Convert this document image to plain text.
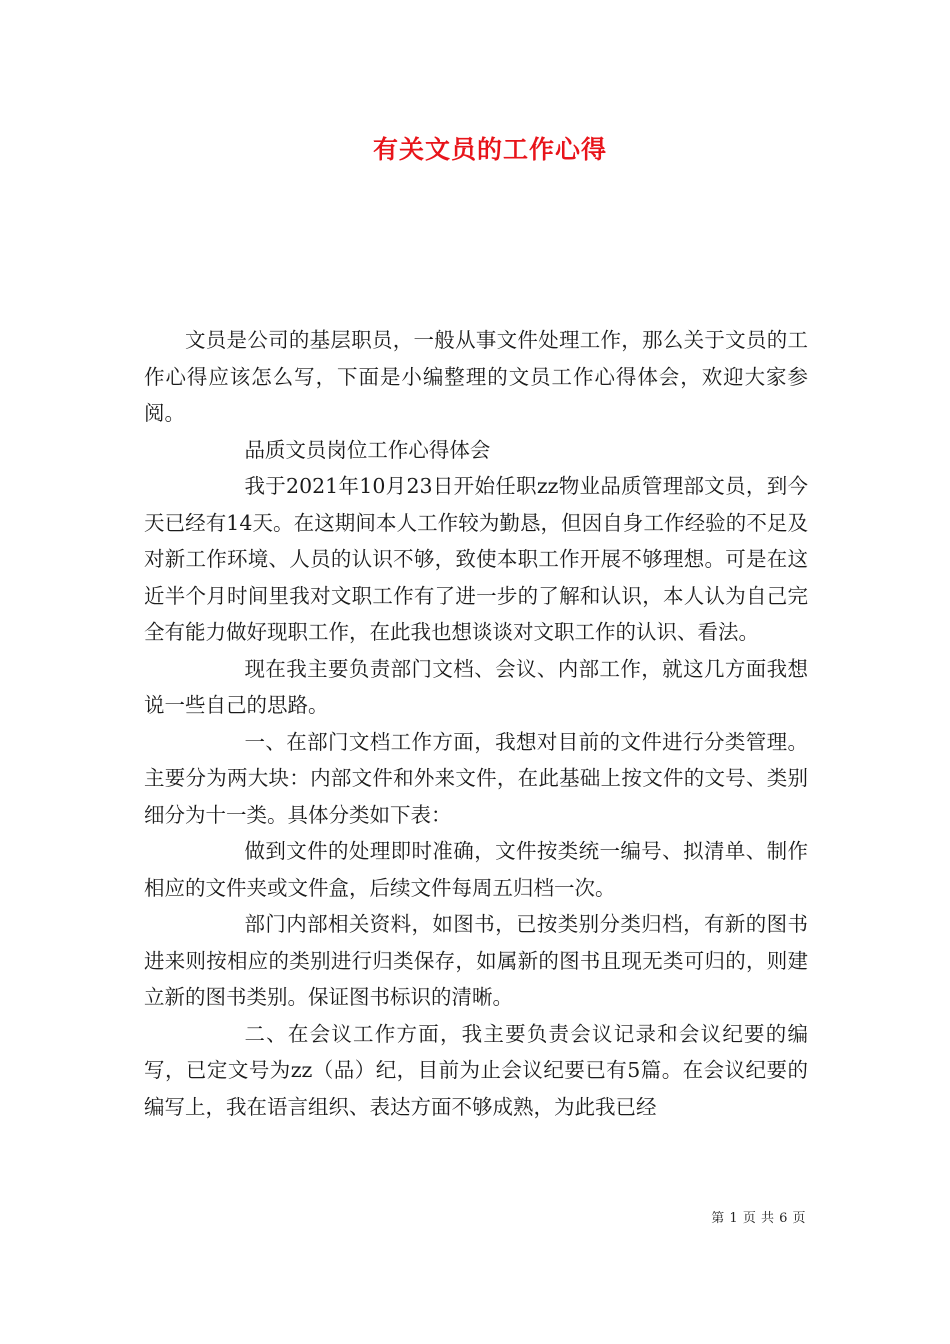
有关文员的工作心得

文员是公司的基层职员，一般从事文件处理工作，那么关于文员的工作心得应该怎么写，下面是小编整理的文员工作心得体会，欢迎大家参阅。

品质文员岗位工作心得体会

我于2021年10月23日开始任职zz物业品质管理部文员，到今天已经有14天。在这期间本人工作较为勤恳，但因自身工作经验的不足及对新工作环境、人员的认识不够，致使本职工作开展不够理想。可是在这近半个月时间里我对文职工作有了进一步的了解和认识，本人认为自己完全有能力做好现职工作，在此我也想谈谈对文职工作的认识、看法。

现在我主要负责部门文档、会议、内部工作，就这几方面我想说一些自己的思路。

一、在部门文档工作方面，我想对目前的文件进行分类管理。主要分为两大块：内部文件和外来文件，在此基础上按文件的文号、类别细分为十一类。具体分类如下表：

做到文件的处理即时准确，文件按类统一编号、拟清单、制作相应的文件夹或文件盒，后续文件每周五归档一次。

部门内部相关资料，如图书，已按类别分类归档，有新的图书进来则按相应的类别进行归类保存，如属新的图书且现无类可归的，则建立新的图书类别。保证图书标识的清晰。

二、在会议工作方面，我主要负责会议记录和会议纪要的编写，已定文号为zz（品）纪，目前为止会议纪要已有5篇。在会议纪要的编写上，我在语言组织、表达方面不够成熟，为此我已经

第 1 页 共 6 页
